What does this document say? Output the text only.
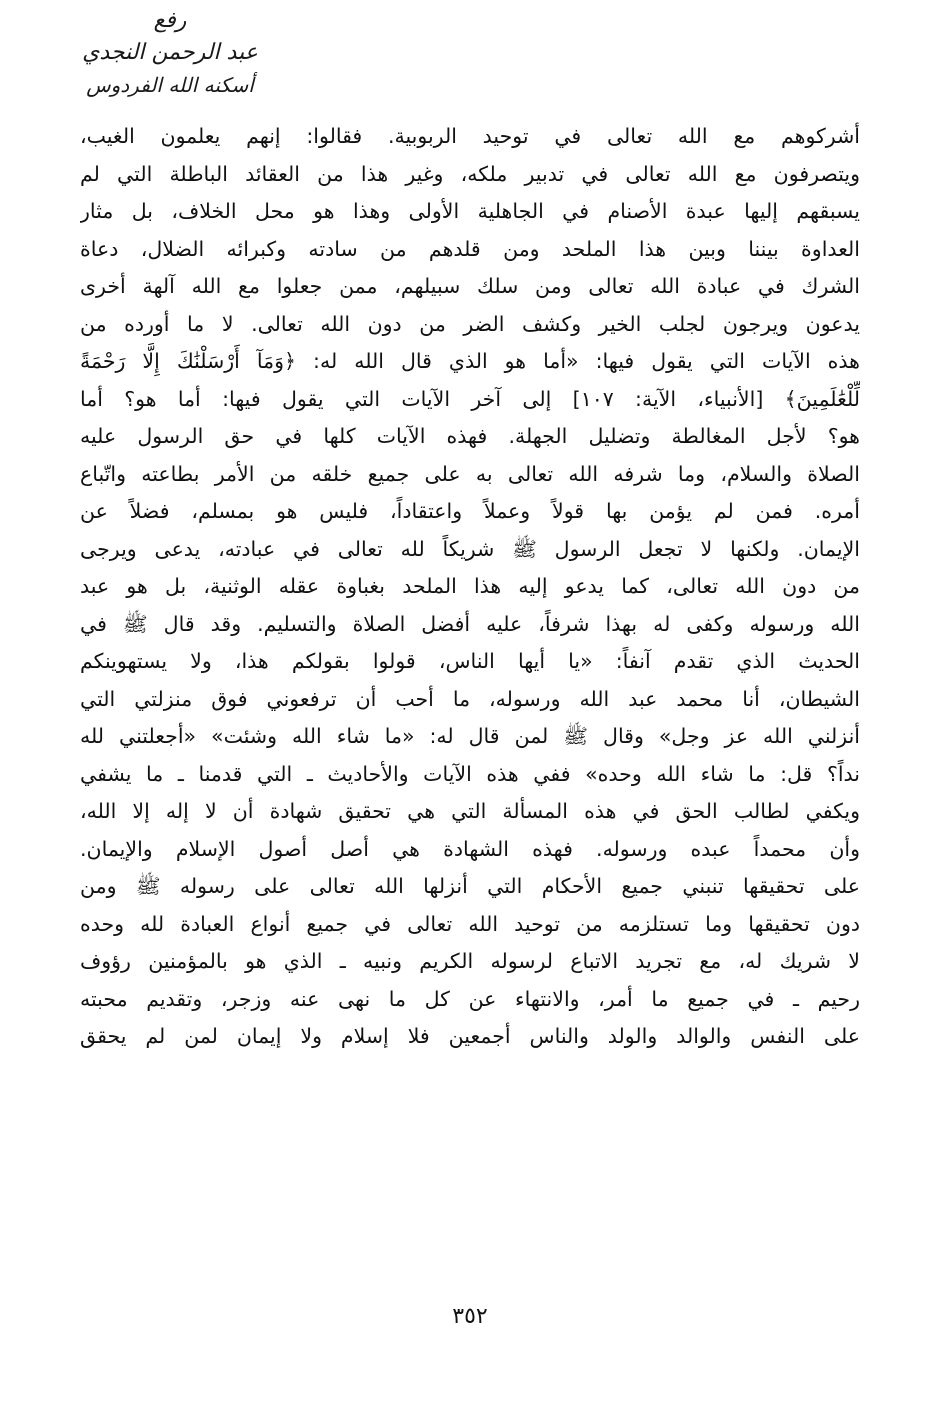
رفع
عبد الرحمن النجدي
أسكنه الله الفردوس
أشركوهم مع الله تعالى في توحيد الربوبية. فقالوا: إنهم يعلمون الغيب،
ويتصرفون مع الله تعالى في تدبير ملكه، وغير هذا من العقائد الباطلة التي لم
يسبقهم إليها عبدة الأصنام في الجاهلية الأولى وهذا هو محل الخلاف، بل مثار
العداوة بيننا وبين هذا الملحد ومن قلدهم من سادته وكبرائه الضلال، دعاة
الشرك في عبادة الله تعالى ومن سلك سبيلهم، ممن جعلوا مع الله آلهة أخرى
يدعون ويرجون لجلب الخير وكشف الضر من دون الله تعالى. لا ما أورده من
هذه الآيات التي يقول فيها: «أما هو الذي قال الله له: ﴿وَمَآ أَرْسَلْنَٰكَ إِلَّا رَحْمَةً
لِّلْعَٰلَمِينَ﴾ [الأنبياء، الآية: ١٠٧] إلى آخر الآيات التي يقول فيها: أما هو؟ أما
هو؟ لأجل المغالطة وتضليل الجهلة. فهذه الآيات كلها في حق الرسول عليه
الصلاة والسلام، وما شرفه الله تعالى به على جميع خلقه من الأمر بطاعته واتّباع
أمره. فمن لم يؤمن بها قولاً وعملاً واعتقاداً، فليس هو بمسلم، فضلاً عن
الإيمان. ولكنها لا تجعل الرسول ﷺ شريكاً لله تعالى في عبادته، يدعى ويرجى
من دون الله تعالى، كما يدعو إليه هذا الملحد بغباوة عقله الوثنية، بل هو عبد
الله ورسوله وكفى له بهذا شرفاً، عليه أفضل الصلاة والتسليم. وقد قال ﷺ في
الحديث الذي تقدم آنفاً: «يا أيها الناس، قولوا بقولكم هذا، ولا يستهوينكم
الشيطان، أنا محمد عبد الله ورسوله، ما أحب أن ترفعوني فوق منزلتي التي
أنزلني الله عز وجل» وقال ﷺ لمن قال له: «ما شاء الله وشئت» «أجعلتني لله
نداً؟ قل: ما شاء الله وحده» ففي هذه الآيات والأحاديث ـ التي قدمنا ـ ما يشفي
ويكفي لطالب الحق في هذه المسألة التي هي تحقيق شهادة أن لا إله إلا الله،
وأن محمداً عبده ورسوله. فهذه الشهادة هي أصل أصول الإسلام والإيمان.
على تحقيقها تنبني جميع الأحكام التي أنزلها الله تعالى على رسوله ﷺ ومن
دون تحقيقها وما تستلزمه من توحيد الله تعالى في جميع أنواع العبادة لله وحده
لا شريك له، مع تجريد الاتباع لرسوله الكريم ونبيه ـ الذي هو بالمؤمنين رؤوف
رحيم ـ في جميع ما أمر، والانتهاء عن كل ما نهى عنه وزجر، وتقديم محبته
على النفس والوالد والولد والناس أجمعين فلا إسلام ولا إيمان لمن لم يحقق
٣٥٢
